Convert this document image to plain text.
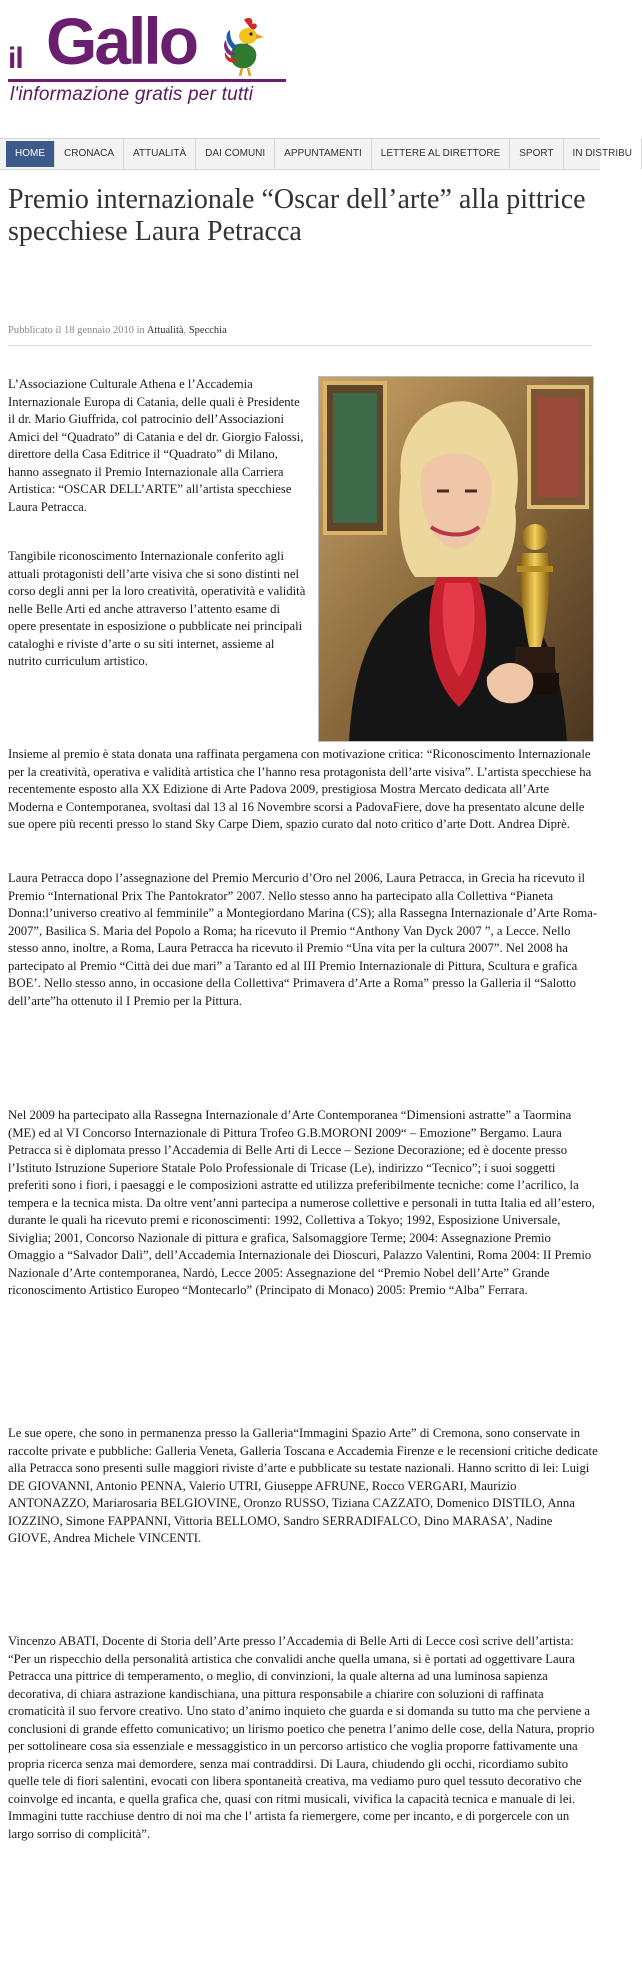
il Gallo
l'informazione gratis per tutti
HOME CRONACA ATTUALITÀ DAI COMUNI APPUNTAMENTI LETTERE AL DIRETTORE SPORT IN DISTRIBU
Premio internazionale “Oscar dell’arte” alla pittrice specchiese Laura Petracca
Pubblicato il 18 gennaio 2010 in Attualità, Specchia

L’Associazione Culturale Athena e l’Accademia Internazionale Europa di Catania, delle quali è Presidente il dr. Mario Giuffrida, col patrocinio dell’Associazioni Amici del “Quadrato” di Catania e del dr. Giorgio Falossi, direttore della Casa Editrice il “Quadrato” di Milano, hanno assegnato il Premio Internazionale alla Carriera Artistica: “OSCAR DELL’ARTE” all’artista specchiese Laura Petracca.

Tangibile riconoscimento Internazionale conferito agli attuali protagonisti dell’arte visiva che si sono distinti nel corso degli anni per la loro creatività, operatività e validità nelle Belle Arti ed anche attraverso l’attento esame di opere presentate in esposizione o pubblicate nei principali cataloghi e riviste d’arte o su siti internet, assieme al nutrito curriculum artistico.

Insieme al premio è stata donata una raffinata pergamena con motivazione critica: “Riconoscimento Internazionale per la creatività, operativa e validità artistica che l’hanno resa protagonista dell’arte visiva”. L’artista specchiese ha recentemente esposto alla XX Edizione di Arte Padova 2009, prestigiosa Mostra Mercato dedicata all’Arte Moderna e Contemporanea, svoltasi dal 13 al 16 Novembre scorsi a PadovaFiere, dove ha presentato alcune delle sue opere più recenti presso lo stand Sky Carpe Diem, spazio curato dal noto critico d’arte Dott. Andrea Diprè.

Laura Petracca dopo l’assegnazione del Premio Mercurio d’Oro nel 2006, Laura Petracca, in Grecia ha ricevuto il Premio “International Prix The Pantokrator” 2007. Nello stesso anno ha partecipato alla Collettiva “Pianeta Donna:l’universo creativo al femminile” a Montegiordano Marina (CS); alla Rassegna Internazionale d’Arte Roma-2007”, Basilica S. Maria del Popolo a Roma; ha ricevuto il Premio “Anthony Van Dyck 2007 ”, a Lecce. Nello stesso anno, inoltre, a Roma, Laura Petracca ha ricevuto il Premio “Una vita per la cultura 2007”. Nel 2008 ha partecipato al Premio “Città dei due mari” a Taranto ed al III Premio Internazionale di Pittura, Scultura e grafica BOE’. Nello stesso anno, in occasione della Collettiva“ Primavera d’Arte a Roma” presso la Galleria il “Salotto dell’arte”ha ottenuto il I Premio per la Pittura.

Nel 2009 ha partecipato alla Rassegna Internazionale d’Arte Contemporanea “Dimensioni astratte” a Taormina (ME) ed al VI Concorso Internazionale di Pittura Trofeo G.B.MORONI 2009“ – Emozione” Bergamo. Laura Petracca si è diplomata presso l’Accademia di Belle Arti di Lecce – Sezione Decorazione; ed è docente presso l’Istituto Istruzione Superiore Statale Polo Professionale di Tricase (Le), indirizzo “Tecnico”; i suoi soggetti preferiti sono i fiori, i paesaggi e le composizioni astratte ed utilizza preferibilmente tecniche: come l’acrilico, la tempera e la tecnica mista. Da oltre vent’anni partecipa a numerose collettive e personali in tutta Italia ed all’estero, durante le quali ha ricevuto premi e riconoscimenti: 1992, Collettiva a Tokyo; 1992, Esposizione Universale, Siviglia; 2001, Concorso Nazionale di pittura e grafica, Salsomaggiore Terme; 2004: Assegnazione Premio Omaggio a “Salvador Dalì”, dell’Accademia Internazionale dei Dioscuri, Palazzo Valentini, Roma 2004: II Premio Nazionale d’Arte contemporanea, Nardò, Lecce 2005: Assegnazione del “Premio Nobel dell’Arte” Grande riconoscimento Artistico Europeo “Montecarlo” (Principato di Monaco) 2005: Premio “Alba” Ferrara.

Le sue opere, che sono in permanenza presso la Galleria“Immagini Spazio Arte” di Cremona, sono conservate in raccolte private e pubbliche: Galleria Veneta, Galleria Toscana e Accademia Firenze e le recensioni critiche dedicate alla Petracca sono presenti sulle maggiori riviste d’arte e pubblicate su testate nazionali. Hanno scritto di lei: Luigi DE GIOVANNI, Antonio PENNA, Valerio UTRI, Giuseppe AFRUNE, Rocco VERGARI, Maurizio ANTONAZZO, Mariarosaria BELGIOVINE, Oronzo RUSSO, Tiziana CAZZATO, Domenico DISTILO, Anna IOZZINO, Simone FAPPANNI, Vittoria BELLOMO, Sandro SERRADIFALCO, Dino MARASA’, Nadine GIOVE, Andrea Michele VINCENTI.

Vincenzo ABATI, Docente di Storia dell’Arte presso l’Accademia di Belle Arti di Lecce così scrive dell’artista: “Per un rispecchio della personalità artistica che convalidi anche quella umana, si è portati ad oggettivare Laura Petracca una pittrice di temperamento, o meglio, di convinzioni, la quale alterna ad una luminosa sapienza decorativa, di chiara astrazione kandischiana, una pittura responsabile a chiarire con soluzioni di raffinata cromaticità il suo fervore creativo. Uno stato d’animo inquieto che guarda e si domanda su tutto ma che perviene a conclusioni di grande effetto comunicativo; un lirismo poetico che penetra l’animo delle cose, della Natura, proprio per sottolineare cosa sia essenziale e messaggistico in un percorso artistico che voglia proporre fattivamente una propria ricerca senza mai demordere, senza mai contraddirsi. Di Laura, chiudendo gli occhi, ricordiamo subito quelle tele di fiori salentini, evocati con libera spontaneità creativa, ma vediamo puro quel tessuto decorativo che coinvolge ed incanta, e quella grafica che, quasi con ritmi musicali, vivifica la capacità tecnica e manuale di lei. Immagini tutte racchiuse dentro di noi ma che l’ artista fa riemergere, come per incanto, e di porgercele con un largo sorriso di complicità”.
